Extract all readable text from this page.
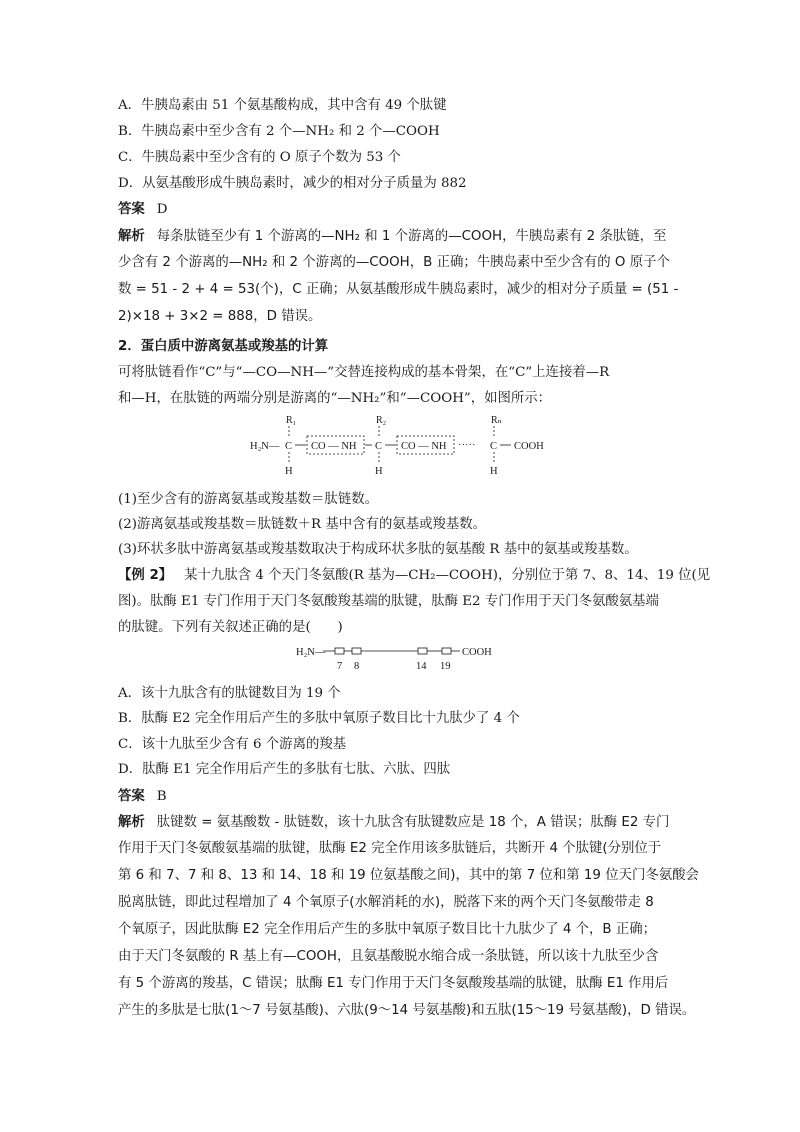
A．牛胰岛素由 51 个氨基酸构成，其中含有 49 个肽键
B．牛胰岛素中至少含有 2 个—NH₂ 和 2 个—COOH
C．牛胰岛素中至少含有的 O 原子个数为 53 个
D．从氨基酸形成牛胰岛素时，减少的相对分子质量为 882
答案 D
解析 每条肽链至少有 1 个游离的—NH₂ 和 1 个游离的—COOH，牛胰岛素有 2 条肽链，至
少含有 2 个游离的—NH₂ 和 2 个游离的—COOH，B 正确；牛胰岛素中至少含有的 O 原子个
数 = 51 - 2 + 4 = 53(个)，C 正确；从氨基酸形成牛胰岛素时，减少的相对分子质量 = (51 -
2)×18 + 3×2 = 888，D 错误。
2．蛋白质中游离氨基或羧基的计算
可将肽链看作“C”与“—CO—NH—”交替连接构成的基本骨架，在“C”上连接着—R
和—H，在肽链的两端分别是游离的“—NH₂”和“—COOH”，如图所示：
R₁	R₂	Rₙ
H₂N— C	C	C
H	H	H
CO — NH	CO — NH ·····	COOH
(1)至少含有的游离氨基或羧基数＝肽链数。
(2)游离氨基或羧基数＝肽链数＋R 基中含有的氨基或羧基数。
(3)环状多肽中游离氨基或羧基数取决于构成环状多肽的氨基酸 R 基中的氨基或羧基数。
【例 2】 某十九肽含 4 个天门冬氨酸(R 基为—CH₂—COOH)，分别位于第 7、8、14、19 位(见
图)。肽酶 E1 专门作用于天门冬氨酸羧基端的肽键，肽酶 E2 专门作用于天门冬氨酸氨基端
的肽键。下列有关叙述正确的是(　　)
H₂N—	COOH
7 8	14 19
A．该十九肽含有的肽键数目为 19 个
B．肽酶 E2 完全作用后产生的多肽中氧原子数目比十九肽少了 4 个
C．该十九肽至少含有 6 个游离的羧基
D．肽酶 E1 完全作用后产生的多肽有七肽、六肽、四肽
答案 B
解析 肽键数 = 氨基酸数 - 肽链数，该十九肽含有肽键数应是 18 个，A 错误；肽酶 E2 专门
作用于天门冬氨酸氨基端的肽键，肽酶 E2 完全作用该多肽链后，共断开 4 个肽键(分别位于
第 6 和 7、7 和 8、13 和 14、18 和 19 位氨基酸之间)，其中的第 7 位和第 19 位天门冬氨酸会
脱离肽链，即此过程增加了 4 个氧原子(水解消耗的水)，脱落下来的两个天门冬氨酸带走 8
个氧原子，因此肽酶 E2 完全作用后产生的多肽中氧原子数目比十九肽少了 4 个，B 正确；
由于天门冬氨酸的 R 基上有—COOH，且氨基酸脱水缩合成一条肽链，所以该十九肽至少含
有 5 个游离的羧基，C 错误；肽酶 E1 专门作用于天门冬氨酸羧基端的肽键，肽酶 E1 作用后
产生的多肽是七肽(1～7 号氨基酸)、六肽(9～14 号氨基酸)和五肽(15～19 号氨基酸)，D 错误。
